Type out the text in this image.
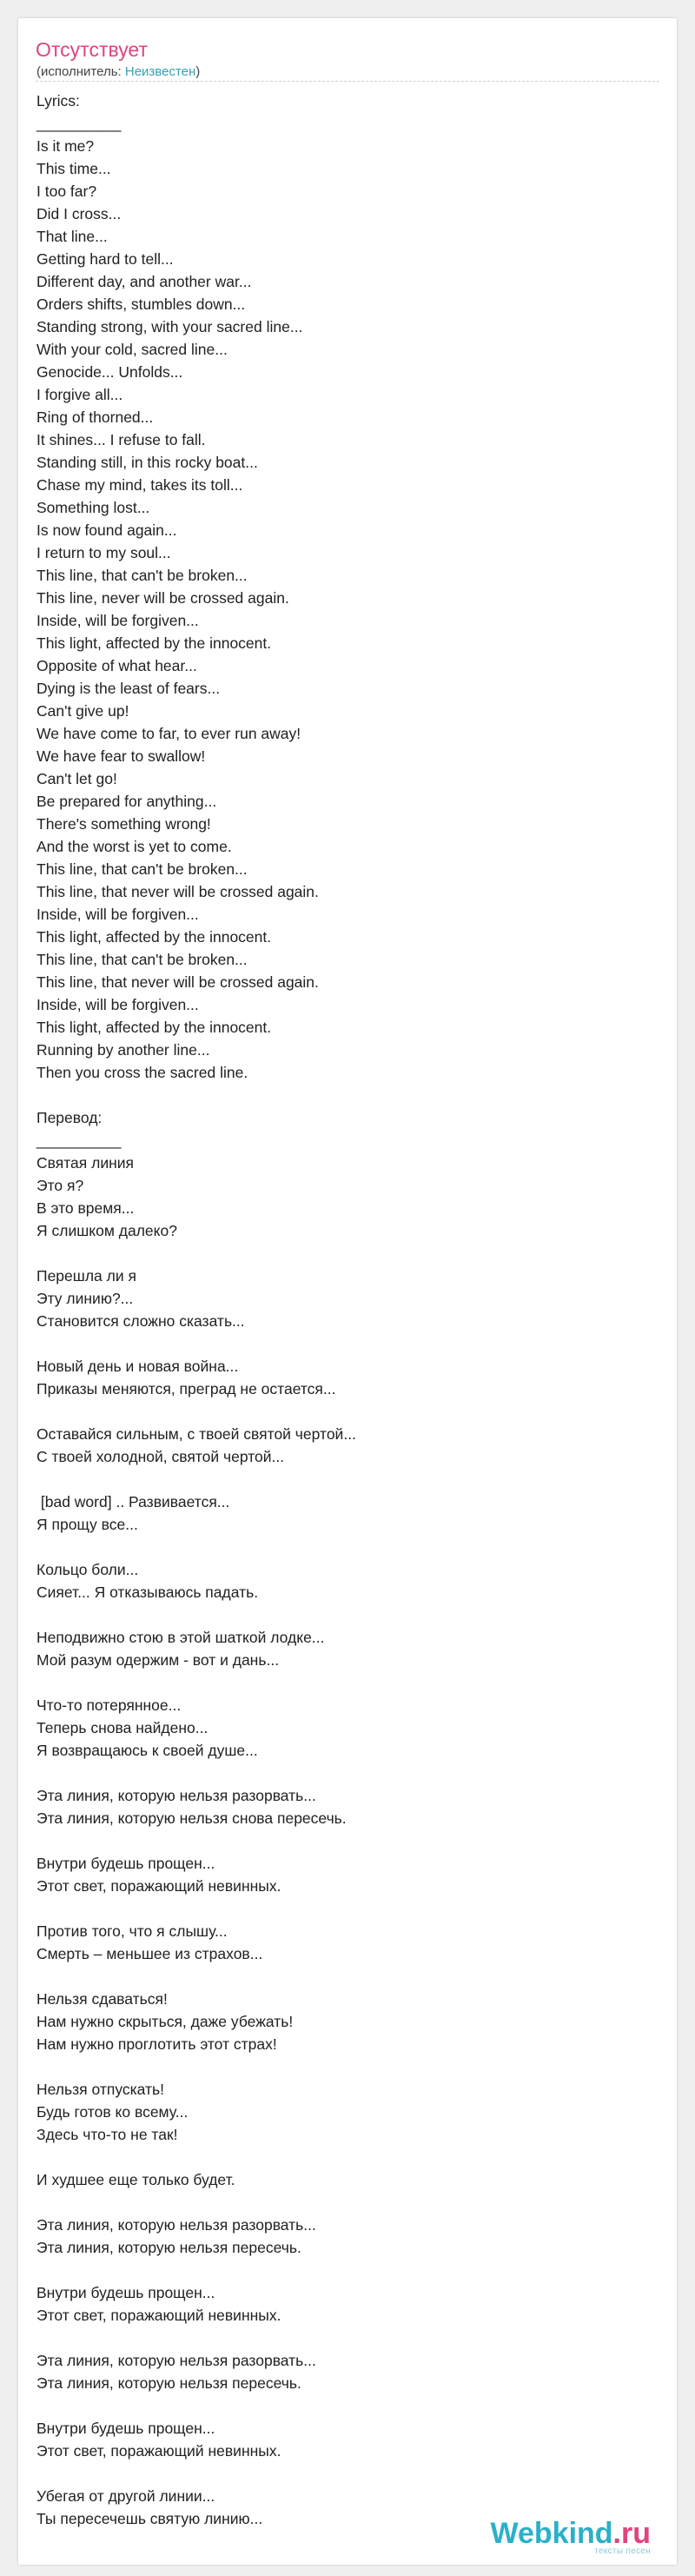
Отсутствует
(исполнитель: Неизвестен)
Lyrics:
__________
Is it me?
This time...
I too far?
Did I cross...
That line...
Getting hard to tell...
Different day, and another war...
Orders shifts, stumbles down...
Standing strong, with your sacred line...
With your cold, sacred line...
Genocide... Unfolds...
I forgive all...
Ring of thorned...
It shines... I refuse to fall.
Standing still, in this rocky boat...
Chase my mind, takes its toll...
Something lost...
Is now found again...
I return to my soul...
This line, that can't be broken...
This line, never will be crossed again.
Inside, will be forgiven...
This light, affected by the innocent.
Opposite of what hear...
Dying is the least of fears...
Can't give up!
We have come to far, to ever run away!
We have fear to swallow!
Can't let go!
Be prepared for anything...
There's something wrong!
And the worst is yet to come.
This line, that can't be broken...
This line, that never will be crossed again.
Inside, will be forgiven...
This light, affected by the innocent.
This line, that can't be broken...
This line, that never will be crossed again.
Inside, will be forgiven...
This light, affected by the innocent.
Running by another line...
Then you cross the sacred line.

Перевод:
__________
Святая линия
Это я?
В это время...
Я слишком далеко?

Перешла ли я
Эту линию?...
Становится сложно сказать...

Новый день и новая война...
Приказы меняются, преград не остается...

Оставайся сильным, с твоей святой чертой...
С твоей холодной, святой чертой...

[bad word] .. Развивается...
Я прощу все...

Кольцо боли...
Сияет... Я отказываюсь падать.

Неподвижно стою в этой шаткой лодке...
Мой разум одержим - вот и дань...

Что-то потерянное...
Теперь снова найдено...
Я возвращаюсь к своей душе...

Эта линия, которую нельзя разорвать...
Эта линия, которую нельзя снова пересечь.

Внутри будешь прощен...
Этот свет, поражающий невинных.

Против того, что я слышу...
Смерть – меньшее из страхов...

Нельзя сдаваться!
Нам нужно скрыться, даже убежать!
Нам нужно проглотить этот страх!

Нельзя отпускать!
Будь готов ко всему...
Здесь что-то не так!

И худшее еще только будет.

Эта линия, которую нельзя разорвать...
Эта линия, которую нельзя пересечь.

Внутри будешь прощен...
Этот свет, поражающий невинных.

Эта линия, которую нельзя разорвать...
Эта линия, которую нельзя пересечь.

Внутри будешь прощен...
Этот свет, поражающий невинных.

Убегая от другой линии...
Ты пересечешь святую линию...	Webkind.ru
тексты песен
